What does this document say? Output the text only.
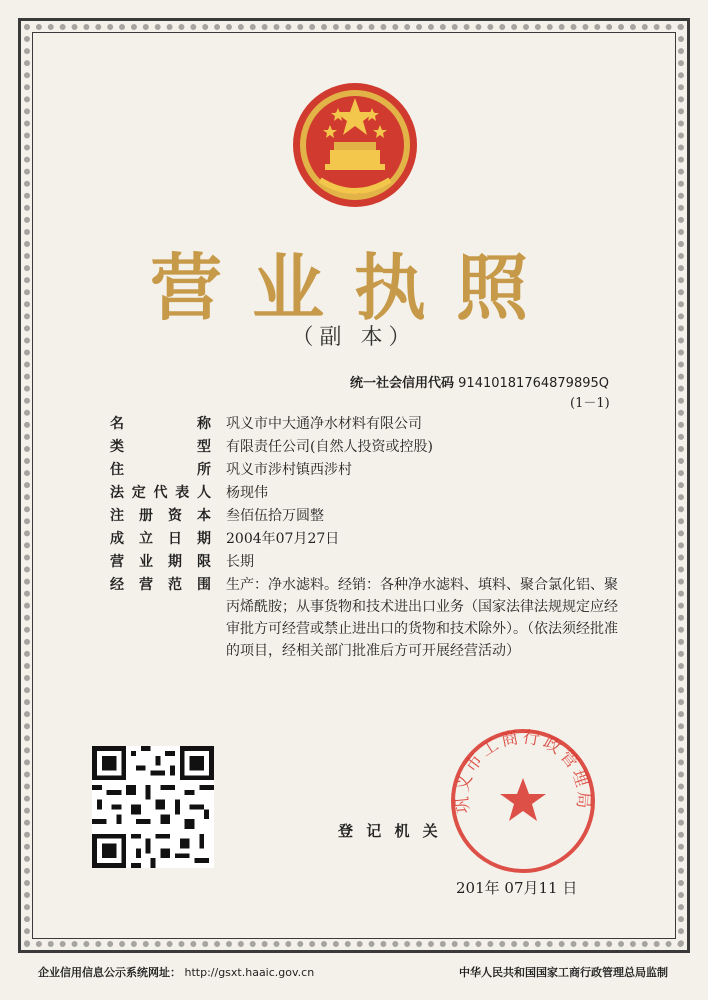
营业执照
（副 本）
统一社会信用代码 91410181764879895Q
(1－1)
名　　称 巩义市中大通净水材料有限公司
类　　型 有限责任公司(自然人投资或控股)
住　　所 巩义市涉村镇西涉村
法定代表人 杨现伟
注册资本 叁佰伍拾万圆整
成立日期 2004年07月27日
营业期限 长期
经营范围 生产：净水滤料。经销：各种净水滤料、填料、聚合氯化铝、聚丙烯酰胺；从事货物和技术进出口业务（国家法律法规规定应经审批方可经营或禁止进出口的货物和技术除外）。（依法须经批准的项目，经相关部门批准后方可开展经营活动）
登 记 机 关
巩义市工商行政管理局
201年 07月11 日
企业信用信息公示系统网址： http://gsxt.haaic.gov.cn	中华人民共和国国家工商行政管理总局监制
